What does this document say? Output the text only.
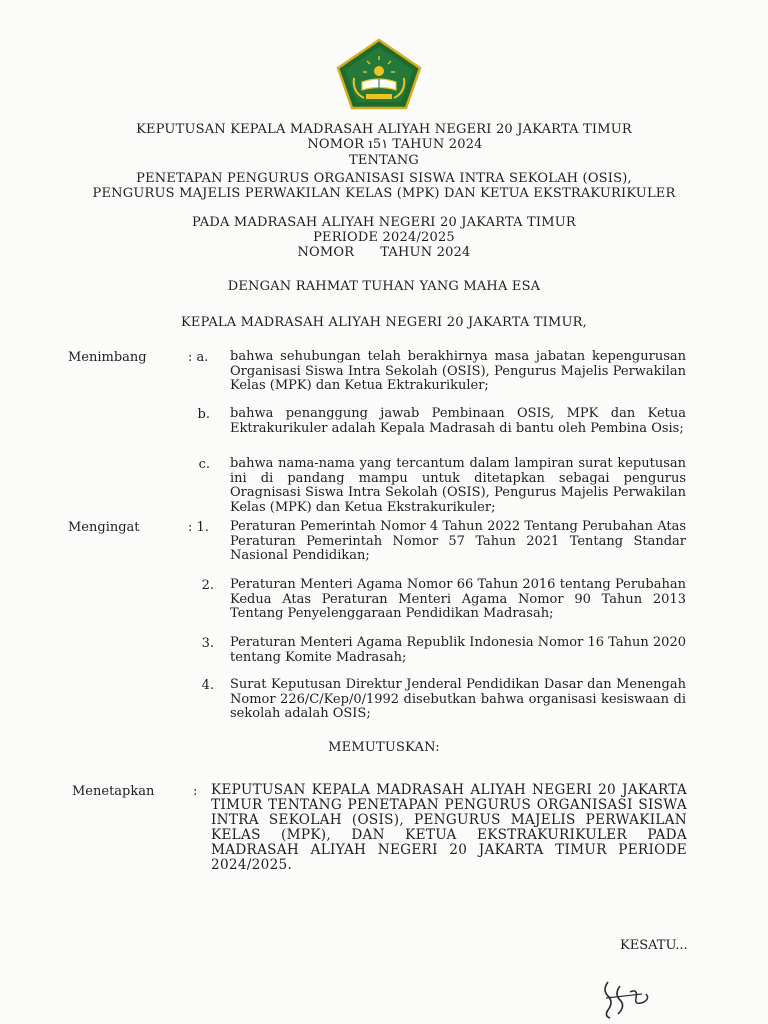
KEPUTUSAN KEPALA MADRASAH ALIYAH NEGERI 20 JAKARTA TIMUR
NOMOR ı5١ TAHUN 2024
TENTANG
PENETAPAN PENGURUS ORGANISASI SISWA INTRA SEKOLAH (OSIS),
PENGURUS MAJELIS PERWAKILAN KELAS (MPK) DAN KETUA EKSTRAKURIKULER
PADA MADRASAH ALIYAH NEGERI 20 JAKARTA TIMUR
PERIODE 2024/2025
NOMOR      TAHUN 2024
DENGAN RAHMAT TUHAN YANG MAHA ESA
KEPALA MADRASAH ALIYAH NEGERI 20 JAKARTA TIMUR,
Menimbang	: a. bahwa sehubungan telah berakhirnya masa jabatan kepengurusan Organisasi Siswa Intra Sekolah (OSIS), Pengurus Majelis Perwakilan Kelas (MPK) dan Ketua Ektrakurikuler;
b. bahwa penanggung jawab Pembinaan OSIS, MPK dan Ketua Ektrakurikuler adalah Kepala Madrasah di bantu oleh Pembina Osis;
c. bahwa nama-nama yang tercantum dalam lampiran surat keputusan ini di pandang mampu untuk ditetapkan sebagai pengurus Oragnisasi Siswa Intra Sekolah (OSIS), Pengurus Majelis Perwakilan Kelas (MPK) dan Ketua Ekstrakurikuler;
Mengingat	: 1. Peraturan Pemerintah Nomor 4 Tahun 2022 Tentang Perubahan Atas Peraturan Pemerintah Nomor 57 Tahun 2021 Tentang Standar Nasional Pendidikan;
2. Peraturan Menteri Agama Nomor 66 Tahun 2016 tentang Perubahan Kedua Atas Peraturan Menteri Agama Nomor 90 Tahun 2013 Tentang Penyelenggaraan Pendidikan Madrasah;
3. Peraturan Menteri Agama Republik Indonesia Nomor 16 Tahun 2020 tentang Komite Madrasah;
4. Surat Keputusan Direktur Jenderal Pendidikan Dasar dan Menengah Nomor 226/C/Kep/0/1992 disebutkan bahwa organisasi kesiswaan di sekolah adalah OSIS;
MEMUTUSKAN:
Menetapkan	: KEPUTUSAN KEPALA MADRASAH ALIYAH NEGERI 20 JAKARTA TIMUR TENTANG PENETAPAN PENGURUS ORGANISASI SISWA INTRA SEKOLAH (OSIS), PENGURUS MAJELIS PERWAKILAN KELAS (MPK), DAN KETUA EKSTRAKURIKULER PADA MADRASAH ALIYAH NEGERI 20 JAKARTA TIMUR PERIODE 2024/2025.
KESATU...
